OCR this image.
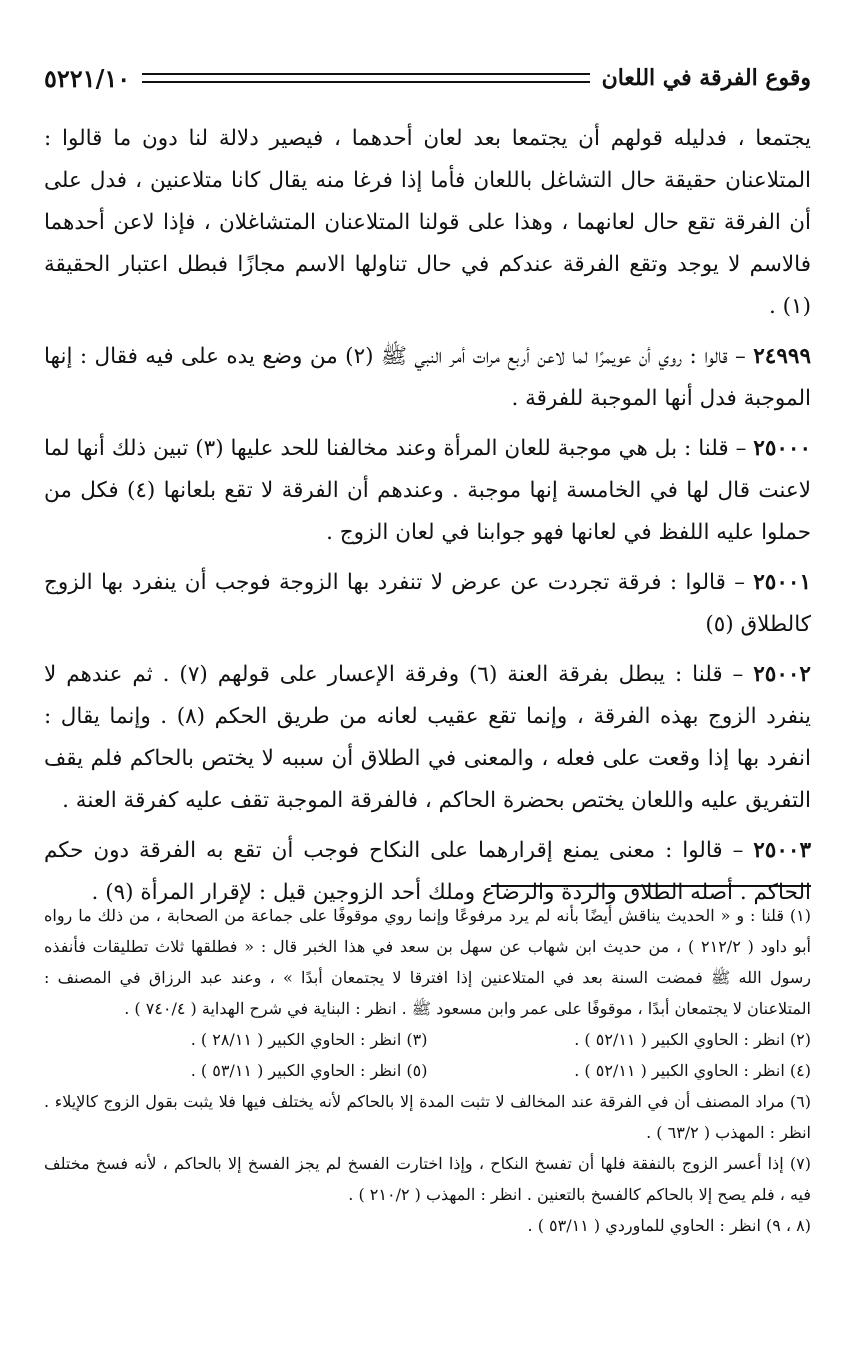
وقوع الفرقة في اللعان
٥٢٢١/١٠

يجتمعا ، فدليله قولهم أن يجتمعا بعد لعان أحدهما ، فيصير دلالة لنا دون ما قالوا : المتلاعنان حقيقة حال التشاغل باللعان فأما إذا فرغا منه يقال كانا متلاعنين ، فدل على أن الفرقة تقع حال لعانهما ، وهذا على قولنا المتلاعنان المتشاغلان ، فإذا لاعن أحدهما فالاسم لا يوجد وتقع الفرقة عندكم في حال تناولها الاسم مجازًا فبطل اعتبار الحقيقة (١) .

٢٤٩٩٩ – قالوا : روي أن عويمرًا لما لاعن أربع مرات أمر النبي ﷺ (٢) من وضع يده على فيه فقال : إنها الموجبة فدل أنها الموجبة للفرقة .

٢٥٠٠٠ – قلنا : بل هي موجبة للعان المرأة وعند مخالفنا للحد عليها (٣) تبين ذلك أنها لما لاعنت قال لها في الخامسة إنها موجبة . وعندهم أن الفرقة لا تقع بلعانها (٤) فكل من حملوا عليه اللفظ في لعانها فهو جوابنا في لعان الزوج .

٢٥٠٠١ – قالوا : فرقة تجردت عن عرض لا تنفرد بها الزوجة فوجب أن ينفرد بها الزوج كالطلاق (٥)

٢٥٠٠٢ – قلنا : يبطل بفرقة العنة (٦) وفرقة الإعسار على قولهم (٧) . ثم عندهم لا ينفرد الزوج بهذه الفرقة ، وإنما تقع عقيب لعانه من طريق الحكم (٨) . وإنما يقال : انفرد بها إذا وقعت على فعله ، والمعنى في الطلاق أن سببه لا يختص بالحاكم فلم يقف التفريق عليه واللعان يختص بحضرة الحاكم ، فالفرقة الموجبة تقف عليه كفرقة العنة .

٢٥٠٠٣ – قالوا : معنى يمنع إقرارهما على النكاح فوجب أن تقع به الفرقة دون حكم الحاكم . أصله الطلاق والردة والرضاع وملك أحد الزوجين قيل : لإقرار المرأة (٩) .

(١) قلنا : و « الحديث يناقش أيضًا بأنه لم يرد مرفوعًا وإنما روي موقوفًا على جماعة من الصحابة ، من ذلك ما رواه أبو داود ( ٢١٢/٢ ) ، من حديث ابن شهاب عن سهل بن سعد في هذا الخبر قال : « فطلقها ثلاث تطليقات فأنفذه رسول الله ﷺ فمضت السنة بعد في المتلاعنين إذا افترقا لا يجتمعان أبدًا » ، وعند عبد الرزاق في المصنف : المتلاعنان لا يجتمعان أبدًا ، موقوفًا على عمر وابن مسعود ﷺ . انظر : البناية في شرح الهداية ( ٧٤٠/٤ ) .

(٢) انظر : الحاوي الكبير ( ٥٢/١١ ) .
(٣) انظر : الحاوي الكبير ( ٢٨/١١ ) .
(٤) انظر : الحاوي الكبير ( ٥٢/١١ ) .
(٥) انظر : الحاوي الكبير ( ٥٣/١١ ) .

(٦) مراد المصنف أن في الفرقة عند المخالف لا تثبت المدة إلا بالحاكم لأنه يختلف فيها فلا يثبت بقول الزوج كالإيلاء . انظر : المهذب ( ٦٣/٢ ) .

(٧) إذا أعسر الزوج بالنفقة فلها أن تفسخ النكاح ، وإذا اختارت الفسخ لم يجز الفسخ إلا بالحاكم ، لأنه فسخ مختلف فيه ، فلم يصح إلا بالحاكم كالفسخ بالتعنين . انظر : المهذب ( ٢١٠/٢ ) .

(٨ ، ٩) انظر : الحاوي للماوردي ( ٥٣/١١ ) .
